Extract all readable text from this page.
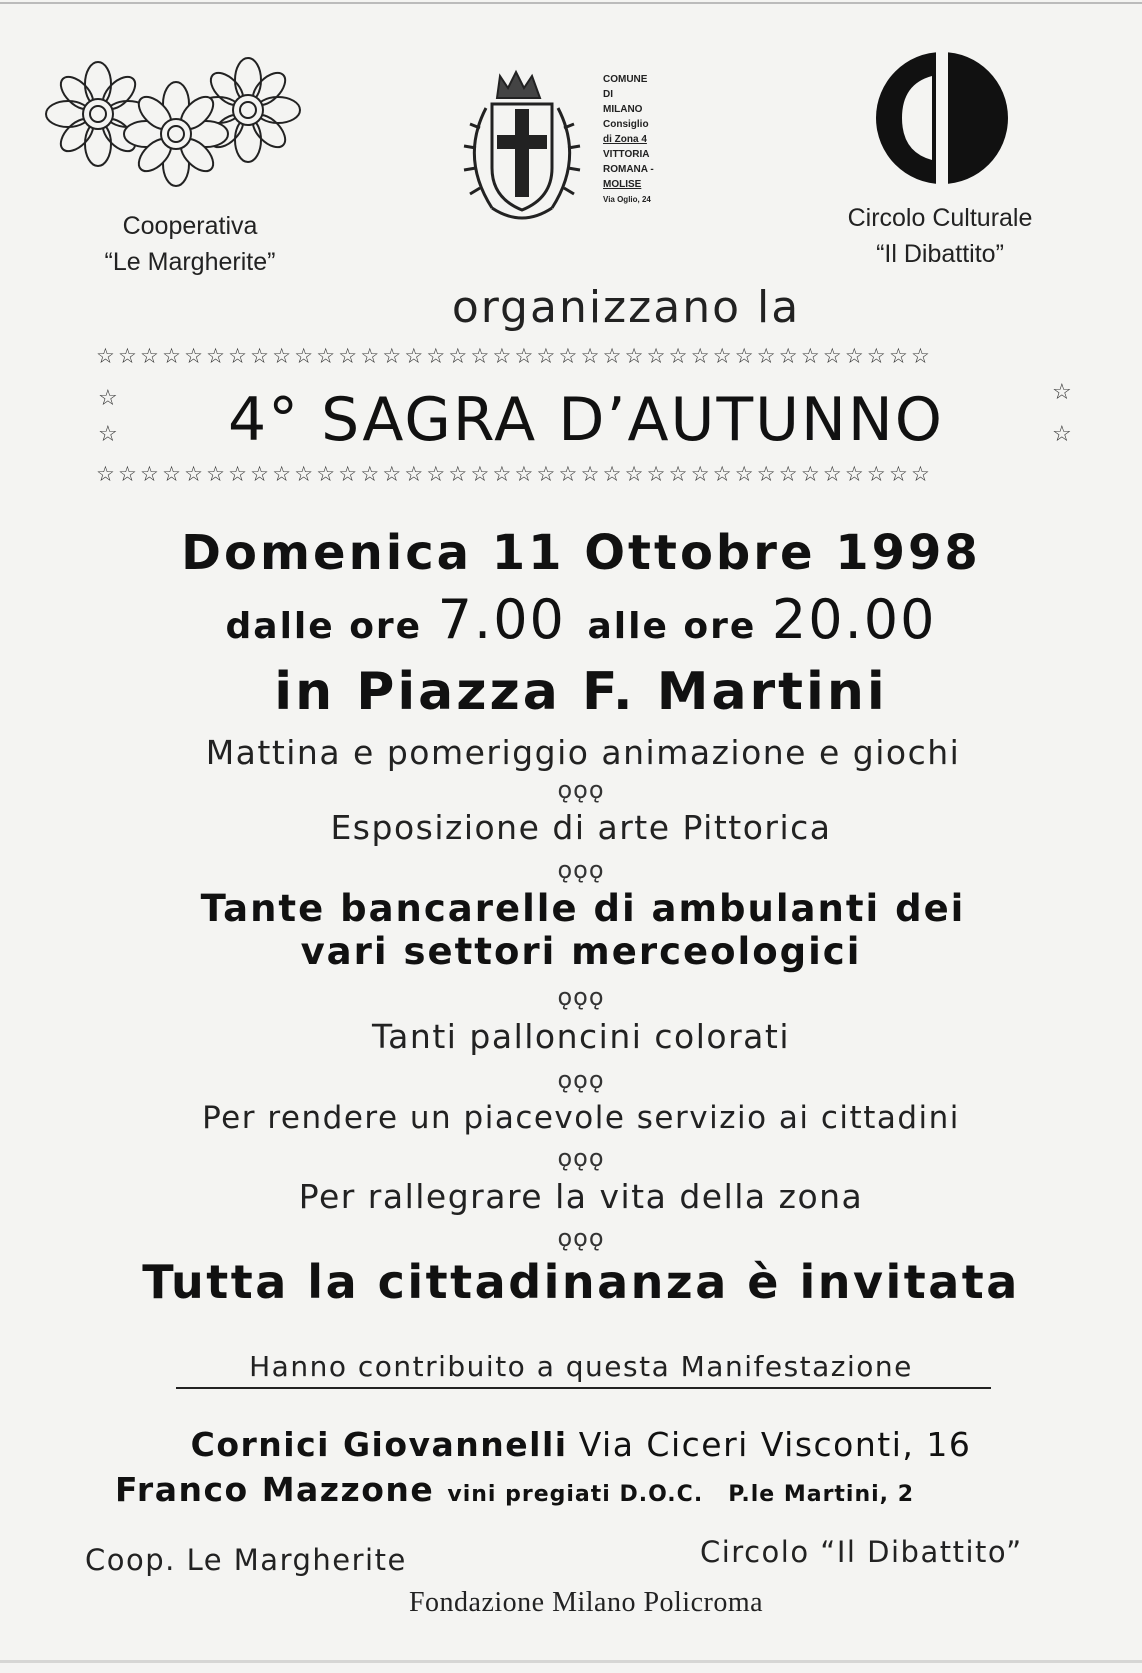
Cooperativa
“Le Margherite”
COMUNE
DI
MILANO
Consiglio
di Zona 4
VITTORIA
ROMANA -
MOLISE
Via Oglio, 24
Circolo Culturale
“Il Dibattito”
organizzano la
☆☆☆☆☆☆☆☆☆☆☆☆☆☆☆☆☆☆☆☆☆☆☆☆☆☆☆☆☆☆☆☆☆☆☆☆☆☆
☆
☆
☆
☆
4° SAGRA D’AUTUNNO
☆☆☆☆☆☆☆☆☆☆☆☆☆☆☆☆☆☆☆☆☆☆☆☆☆☆☆☆☆☆☆☆☆☆☆☆☆☆
Domenica 11 Ottobre 1998
dalle ore 7.00 alle ore 20.00
in Piazza F. Martini
Mattina e pomeriggio animazione e giochi
ǫǫǫ
Esposizione di arte Pittorica
ǫǫǫ
Tante bancarelle di ambulanti dei
vari settori merceologici
ǫǫǫ
Tanti palloncini colorati
ǫǫǫ
Per rendere un piacevole servizio ai cittadini
ǫǫǫ
Per rallegrare la vita della zona
ǫǫǫ
Tutta la cittadinanza è invitata
Hanno contribuito a questa Manifestazione
Cornici Giovannelli Via Ciceri Visconti, 16
Franco Mazzone vini pregiati D.O.C. P.le Martini, 2
Coop. Le Margherite	Circolo “Il Dibattito”
Fondazione Milano Policroma
